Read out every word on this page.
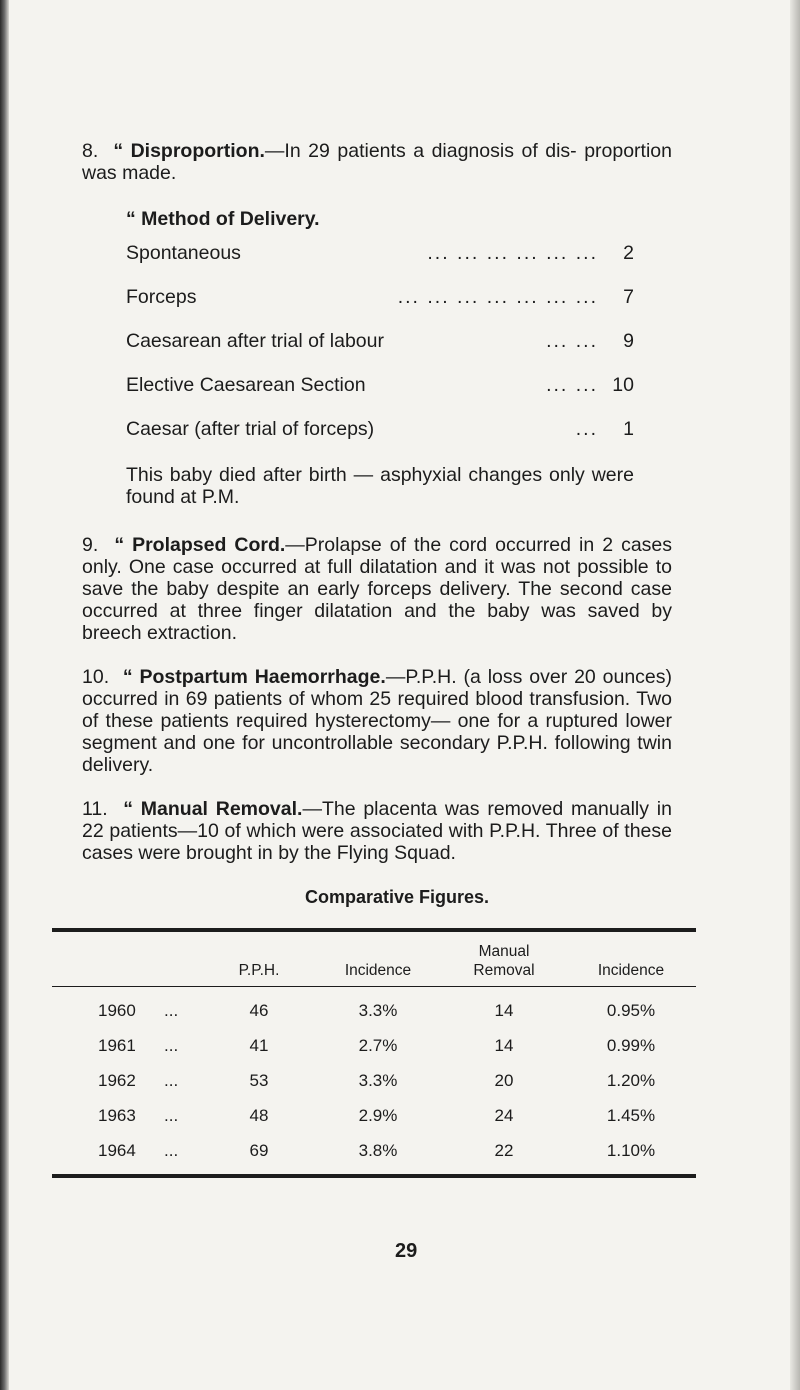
8. “ Disproportion.—In 29 patients a diagnosis of dis- proportion was made.

“ Method of Delivery.

Spontaneous	... ... ... ... ... ...	2
Forceps	... ... ... ... ... ... ...	7
Caesarean after trial of labour	... ...	9
Elective Caesarean Section	... ... 10
Caesar (after trial of forceps)	...	1

This baby died after birth — asphyxial changes only were found at P.M.

9. “ Prolapsed Cord.—Prolapse of the cord occurred in 2 cases only. One case occurred at full dilatation and it was not possible to save the baby despite an early forceps delivery. The second case occurred at three finger dilatation and the baby was saved by breech extraction.

10. “ Postpartum Haemorrhage.—P.P.H. (a loss over 20 ounces) occurred in 69 patients of whom 25 required blood transfusion. Two of these patients required hysterectomy— one for a ruptured lower segment and one for uncontrollable secondary P.P.H. following twin delivery.

11. “ Manual Removal.—The placenta was removed manually in 22 patients—10 of which were associated with P.P.H. Three of these cases were brought in by the Flying Squad.

Comparative Figures.

		P.P.H.	Incidence	Manual Removal	Incidence
1960	...	46	3.3%	14	0.95%
1961	...	41	2.7%	14	0.99%
1962	...	53	3.3%	20	1.20%
1963	...	48	2.9%	24	1.45%
1964	...	69	3.8%	22	1.10%
29
